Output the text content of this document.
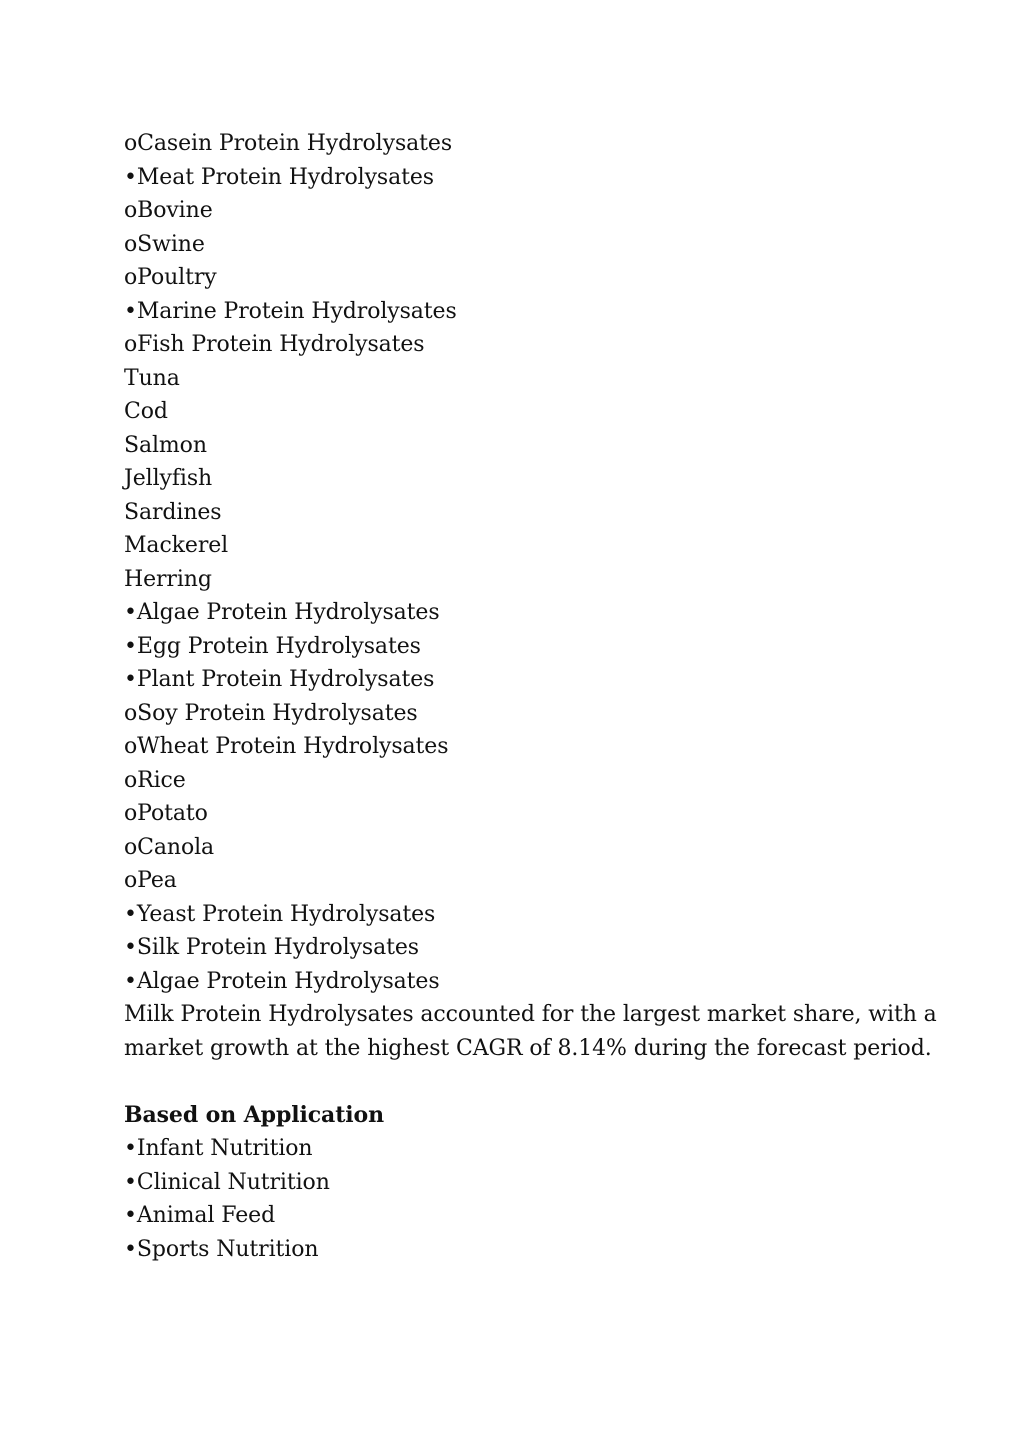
oCasein Protein Hydrolysates
•Meat Protein Hydrolysates
oBovine
oSwine
oPoultry
•Marine Protein Hydrolysates
oFish Protein Hydrolysates
Tuna
Cod
Salmon
Jellyfish
Sardines
Mackerel
Herring
•Algae Protein Hydrolysates
•Egg Protein Hydrolysates
•Plant Protein Hydrolysates
oSoy Protein Hydrolysates
oWheat Protein Hydrolysates
oRice
oPotato
oCanola
oPea
•Yeast Protein Hydrolysates
•Silk Protein Hydrolysates
•Algae Protein Hydrolysates
Milk Protein Hydrolysates accounted for the largest market share, with a
market growth at the highest CAGR of 8.14% during the forecast period.
Based on Application
•Infant Nutrition
•Clinical Nutrition
•Animal Feed
•Sports Nutrition
